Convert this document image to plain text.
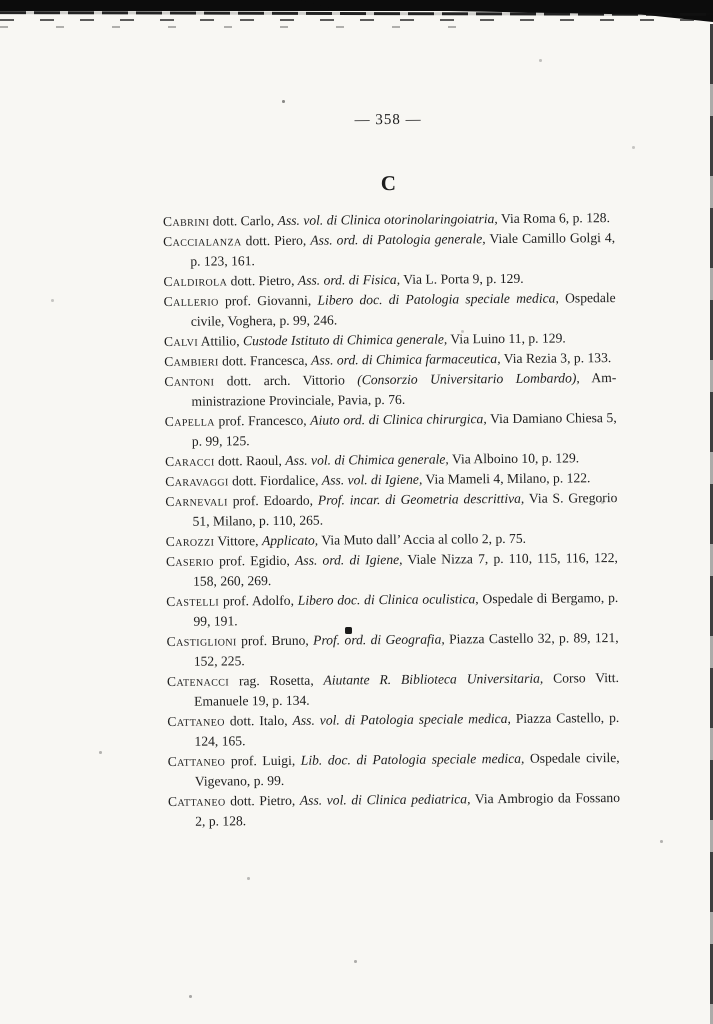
— 358 —
C
Cabrini dott. Carlo, Ass. vol. di Clinica otorinolaringoiatria, Via Roma 6, p. 128.
Caccialanza dott. Piero, Ass. ord. di Patologia generale, Viale Camillo Golgi 4, p. 123, 161.
Caldirola dott. Pietro, Ass. ord. di Fisica, Via L. Porta 9, p. 129.
Callerio prof. Giovanni, Libero doc. di Patologia speciale medica, Ospedale civile, Voghera, p. 99, 246.
Calvi Attilio, Custode Istituto di Chimica generale, Via Luino 11, p. 129.
Cambieri dott. Francesca, Ass. ord. di Chimica farmaceutica, Via Rezia 3, p. 133.
Cantoni dott. arch. Vittorio (Consorzio Universitario Lombardo), Amministrazione Provinciale, Pavia, p. 76.
Capella prof. Francesco, Aiuto ord. di Clinica chirurgica, Via Damiano Chiesa 5, p. 99, 125.
Caracci dott. Raoul, Ass. vol. di Chimica generale, Via Alboino 10, p. 129.
Caravaggi dott. Fiordalice, Ass. vol. di Igiene, Via Mameli 4, Milano, p. 122.
Carnevali prof. Edoardo, Prof. incar. di Geometria descrittiva, Via S. Gregorio 51, Milano, p. 110, 265.
Carozzi Vittore, Applicato, Via Muto dall’ Accia al collo 2, p. 75.
Caserio prof. Egidio, Ass. ord. di Igiene, Viale Nizza 7, p. 110, 115, 116, 122, 158, 260, 269.
Castelli prof. Adolfo, Libero doc. di Clinica oculistica, Ospedale di Bergamo, p. 99, 191.
Castiglioni prof. Bruno, Prof. ord. di Geografia, Piazza Castello 32, p. 89, 121, 152, 225.
Catenacci rag. Rosetta, Aiutante R. Biblioteca Universitaria, Corso Vitt. Emanuele 19, p. 134.
Cattaneo dott. Italo, Ass. vol. di Patologia speciale medica, Piazza Castello, p. 124, 165.
Cattaneo prof. Luigi, Lib. doc. di Patologia speciale medica, Ospedale civile, Vigevano, p. 99.
Cattaneo dott. Pietro, Ass. vol. di Clinica pediatrica, Via Ambrogio da Fossano 2, p. 128.
